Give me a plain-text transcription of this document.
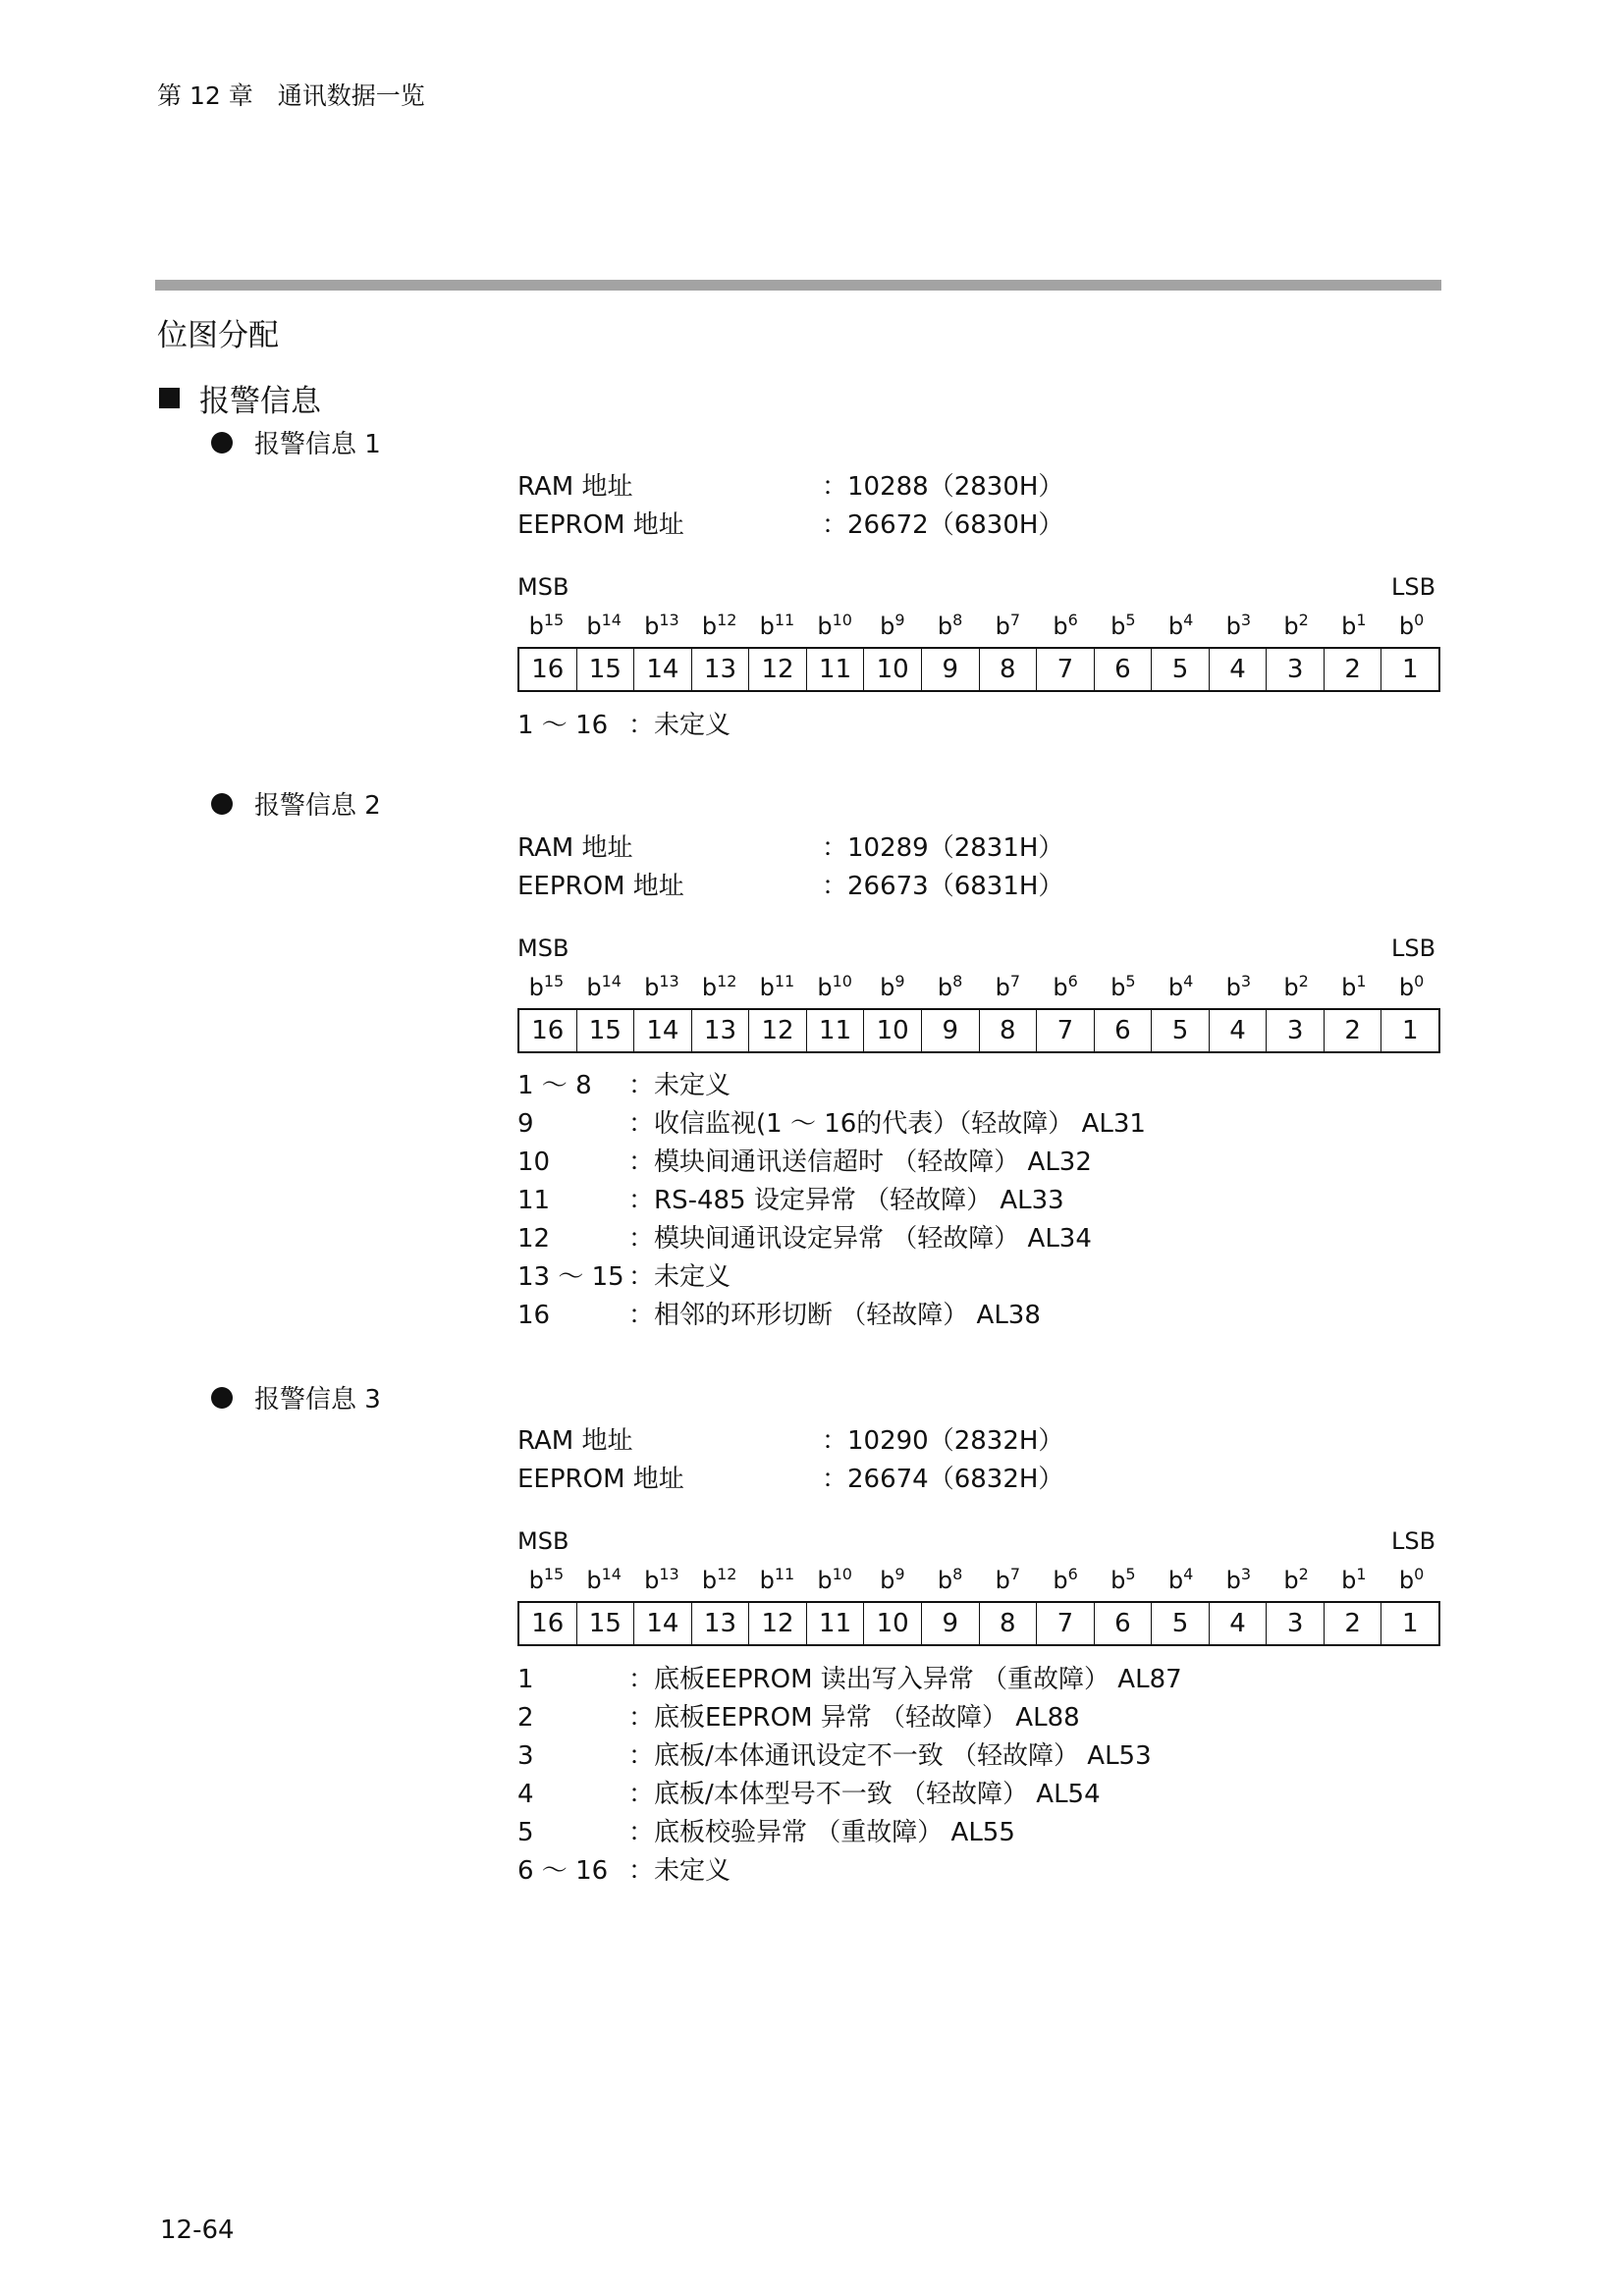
第 12 章　通讯数据一览
位图分配
报警信息
报警信息 1
RAM 地址	：10288（2830H）
EEPROM 地址	：26672（6830H）
MSB	LSB
$b^{15}$ $b^{14}$ $b^{13}$ $b^{12}$ $b^{11}$ $b^{10}$	$b^9$	$b^8$	$b^7$	$b^6$	$b^5$	$b^4$	$b^3$	$b^2$	$b^1$	$b^0$
16 15 14 13 12 11 10	9	8	7	6	5	4	3	2	1
1 ～ 16 ：未定义
报警信息 2
RAM 地址	：10289（2831H）
EEPROM 地址	：26673（6831H）
MSB	LSB
$b^{15}$ $b^{14}$ $b^{13}$ $b^{12}$ $b^{11}$ $b^{10}$	$b^9$	$b^8$	$b^7$	$b^6$	$b^5$	$b^4$	$b^3$	$b^2$	$b^1$	$b^0$
16 15 14 13 12 11 10	9	8	7	6	5	4	3	2	1
1 ～ 8 ：未定义
9	：收信监视(1 ～ 16的代表）（轻故障） AL31
10	：模块间通讯送信超时 （轻故障） AL32
11	：RS-485 设定异常 （轻故障） AL33
12	：模块间通讯设定异常 （轻故障） AL34
13 ～ 15 ：未定义
16	：相邻的环形切断 （轻故障） AL38
报警信息 3
RAM 地址	：10290（2832H）
EEPROM 地址	：26674（6832H）
MSB	LSB
$b^{15}$ $b^{14}$ $b^{13}$ $b^{12}$ $b^{11}$ $b^{10}$	$b^9$	$b^8$	$b^7$	$b^6$	$b^5$	$b^4$	$b^3$	$b^2$	$b^1$	$b^0$
16 15 14 13 12 11 10	9	8	7	6	5	4	3	2	1
1	：底板EEPROM 读出写入异常 （重故障） AL87
2	：底板EEPROM 异常 （轻故障） AL88
3	：底板/本体通讯设定不一致 （轻故障） AL53
4	：底板/本体型号不一致 （轻故障） AL54
5	：底板校验异常 （重故障） AL55
6 ～ 16 ：未定义
12-64
